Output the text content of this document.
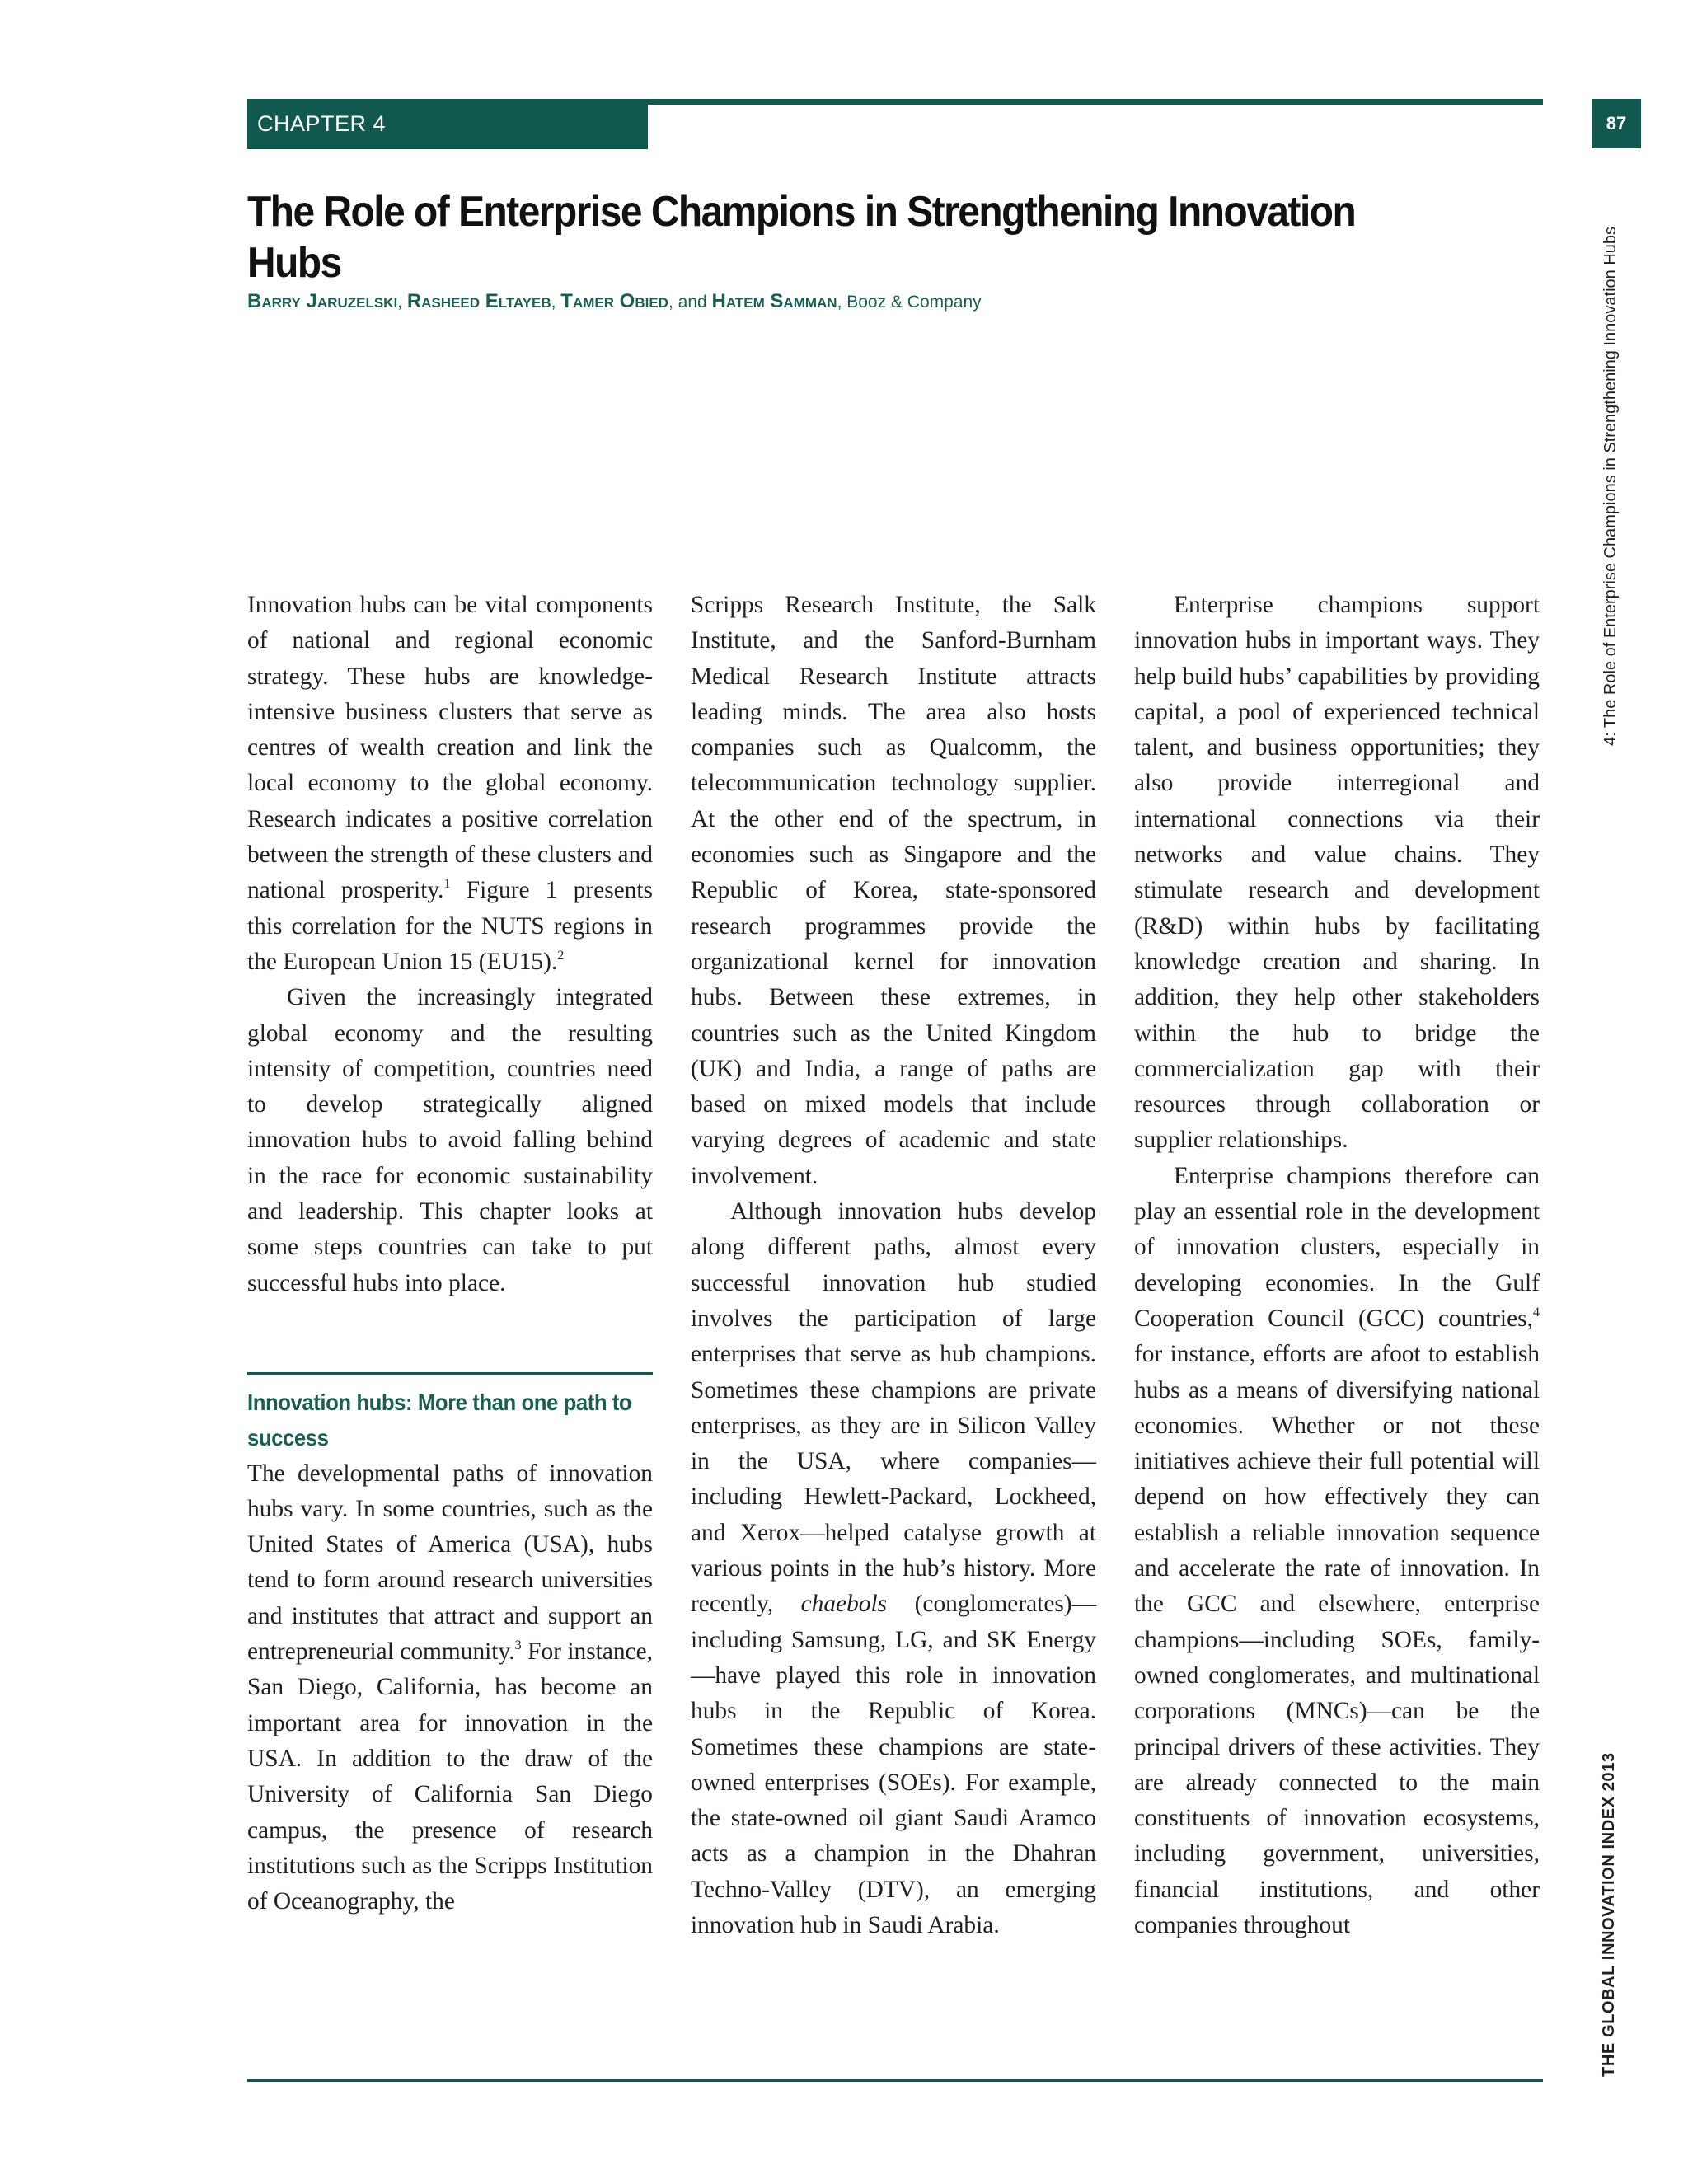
CHAPTER 4	87
The Role of Enterprise Champions in Strengthening Innovation Hubs
Barry Jaruzelski, Rasheed Eltayeb, Tamer Obied, and Hatem Samman, Booz & Company	4: The Role of Enterprise Champions in Strengthening Innovation Hubs
THE GLOBAL INNOVATION INDEX 2013

Innovation hubs can be vital components of national and regional economic strategy. These hubs are knowledge-intensive business clusters that serve as centres of wealth creation and link the local economy to the global economy. Research indicates a positive correlation between the strength of these clusters and national prosperity.$^1$ Figure 1 presents this correlation for the NUTS regions in the European Union 15 (EU15).$^2$

Given the increasingly integrated global economy and the resulting intensity of competition, countries need to develop strategically aligned innovation hubs to avoid falling behind in the race for economic sustainability and leadership. This chapter looks at some steps countries can take to put successful hubs into place.

Innovation hubs: More than one path to success

The developmental paths of innovation hubs vary. In some countries, such as the United States of America (USA), hubs tend to form around research universities and institutes that attract and support an entrepreneurial community.$^3$ For instance, San Diego, California, has become an important area for innovation in the USA. In addition to the draw of the University of California San Diego campus, the presence of research institutions such as the Scripps Institution of Oceanography, the

Scripps Research Institute, the Salk Institute, and the Sanford-Burnham Medical Research Institute attracts leading minds. The area also hosts companies such as Qualcomm, the telecommunication technology supplier. At the other end of the spectrum, in economies such as Singapore and the Republic of Korea, state-sponsored research programmes provide the organizational kernel for innovation hubs. Between these extremes, in countries such as the United Kingdom (UK) and India, a range of paths are based on mixed models that include varying degrees of academic and state involvement.

Although innovation hubs develop along different paths, almost every successful innovation hub studied involves the participation of large enterprises that serve as hub champions. Sometimes these champions are private enterprises, as they are in Silicon Valley in the USA, where companies—including Hewlett-Packard, Lockheed, and Xerox—helped catalyse growth at various points in the hub’s history. More recently, chaebols (conglomerates)—including Samsung, LG, and SK Energy—have played this role in innovation hubs in the Republic of Korea. Sometimes these champions are state-owned enterprises (SOEs). For example, the state-owned oil giant Saudi Aramco acts as a champion in the Dhahran Techno-Valley (DTV), an emerging innovation hub in Saudi Arabia.

Enterprise champions support innovation hubs in important ways. They help build hubs’ capabilities by providing capital, a pool of experienced technical talent, and business opportunities; they also provide interregional and international connections via their networks and value chains. They stimulate research and development (R&D) within hubs by facilitating knowledge creation and sharing. In addition, they help other stakeholders within the hub to bridge the commercialization gap with their resources through collaboration or supplier relationships.

Enterprise champions therefore can play an essential role in the development of innovation clusters, especially in developing economies. In the Gulf Cooperation Council (GCC) countries,$^4$ for instance, efforts are afoot to establish hubs as a means of diversifying national economies. Whether or not these initiatives achieve their full potential will depend on how effectively they can establish a reliable innovation sequence and accelerate the rate of innovation. In the GCC and elsewhere, enterprise champions—including SOEs, family-owned conglomerates, and multinational corporations (MNCs)—can be the principal drivers of these activities. They are already connected to the main constituents of innovation ecosystems, including government, universities, financial institutions, and other companies throughout
